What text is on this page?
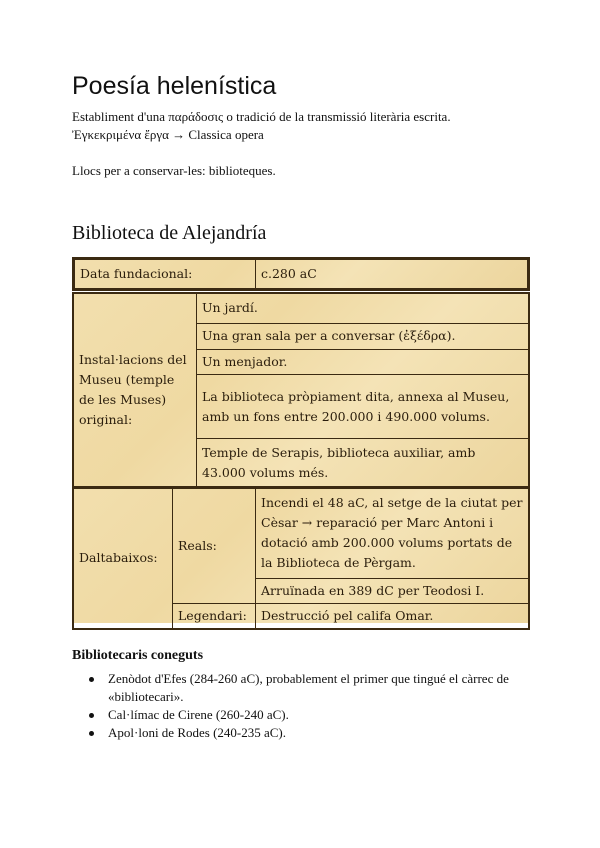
Poesía helenística

Establiment d'una παράδοσις o tradició de la transmissió literària escrita.

Ἐγκεκριμένα ἔργα → Classica opera

Llocs per a conservar-les: biblioteques.

Biblioteca de Alejandría
Data fundacional:	c.280 aC
Instal·lacions del Museu (temple de les Muses) original:	Un jardí.
Una gran sala per a conversar (ἐξέδρα).
Un menjador.
La biblioteca pròpiament dita, annexa al Museu, amb un fons entre 200.000 i 490.000 volums.
Temple de Serapis, biblioteca auxiliar, amb 43.000 volums més.
Daltabaixos:	Reals:	Incendi el 48 aC, al setge de la ciutat per Cèsar → reparació per Marc Antoni i dotació amb 200.000 volums portats de la Biblioteca de Pèrgam.
		Arruïnada en 389 dC per Teodosi I.
	Legendari:	Destrucció pel califa Omar.
Bibliotecaris coneguts
Zenòdot d'Efes (284-260 aC), probablement el primer que tingué el càrrec de «bibliotecari».
Cal·límac de Cirene (260-240 aC).
Apol·loni de Rodes (240-235 aC).
